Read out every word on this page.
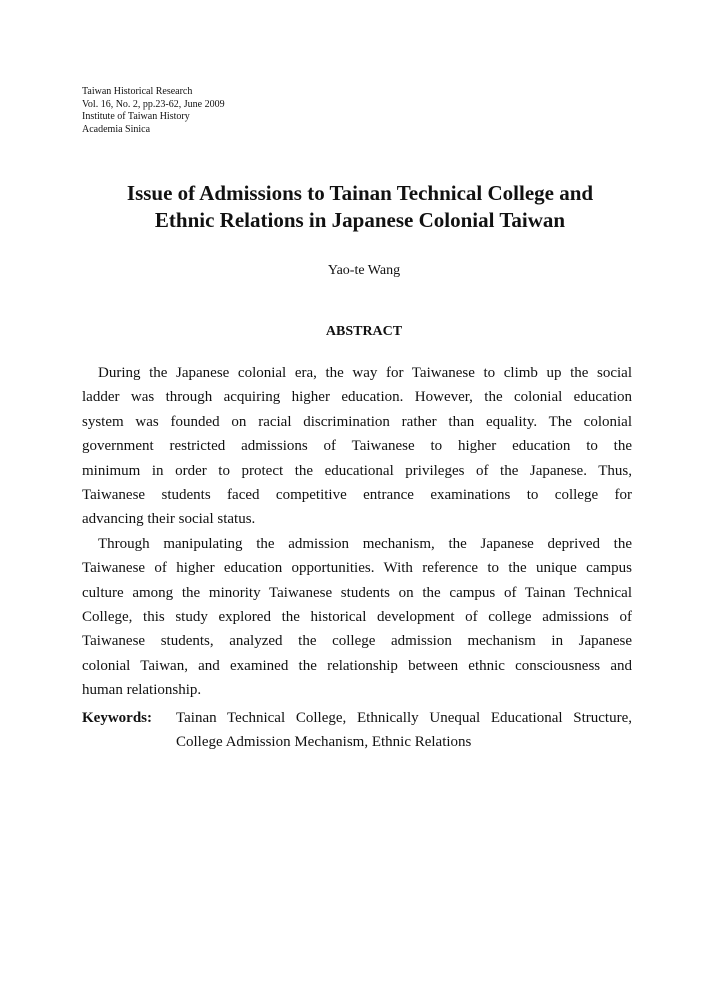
Taiwan Historical Research
Vol. 16, No. 2, pp.23-62, June 2009
Institute of Taiwan History
Academia Sinica
Issue of Admissions to Tainan Technical College and
Ethnic Relations in Japanese Colonial Taiwan
Yao-te Wang
ABSTRACT
During the Japanese colonial era, the way for Taiwanese to climb up the social
ladder was through acquiring higher education. However, the colonial education
system was founded on racial discrimination rather than equality. The colonial
government restricted admissions of Taiwanese to higher education to the
minimum in order to protect the educational privileges of the Japanese. Thus,
Taiwanese students faced competitive entrance examinations to college for
advancing their social status.
Through manipulating the admission mechanism, the Japanese deprived the
Taiwanese of higher education opportunities. With reference to the unique campus
culture among the minority Taiwanese students on the campus of Tainan Technical
College, this study explored the historical development of college admissions of
Taiwanese students, analyzed the college admission mechanism in Japanese
colonial Taiwan, and examined the relationship between ethnic consciousness and
human relationship.
Keywords: Tainan Technical College, Ethnically Unequal Educational Structure,
College Admission Mechanism, Ethnic Relations
